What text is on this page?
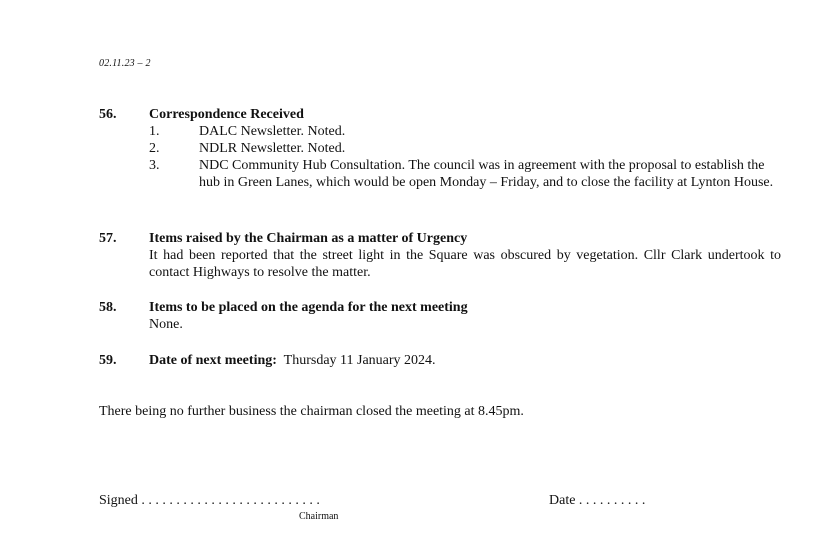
02.11.23 – 2
56. Correspondence Received
1.	DALC Newsletter. Noted.
2.	NDLR Newsletter. Noted.
3.	NDC Community Hub Consultation. The council was in agreement with the proposal to establish the hub in Green Lanes, which would be open Monday – Friday, and to close the facility at Lynton House.
57. Items raised by the Chairman as a matter of Urgency
It had been reported that the street light in the Square was obscured by vegetation. Cllr Clark undertook to contact Highways to resolve the matter.
58. Items to be placed on the agenda for the next meeting
None.
59. Date of next meeting: Thursday 11 January 2024.
There being no further business the chairman closed the meeting at 8.45pm.
Signed . . . . . . . . . . . . . . . . . . . . . . . . . .
Chairman
Date . . . . . . . . . .
